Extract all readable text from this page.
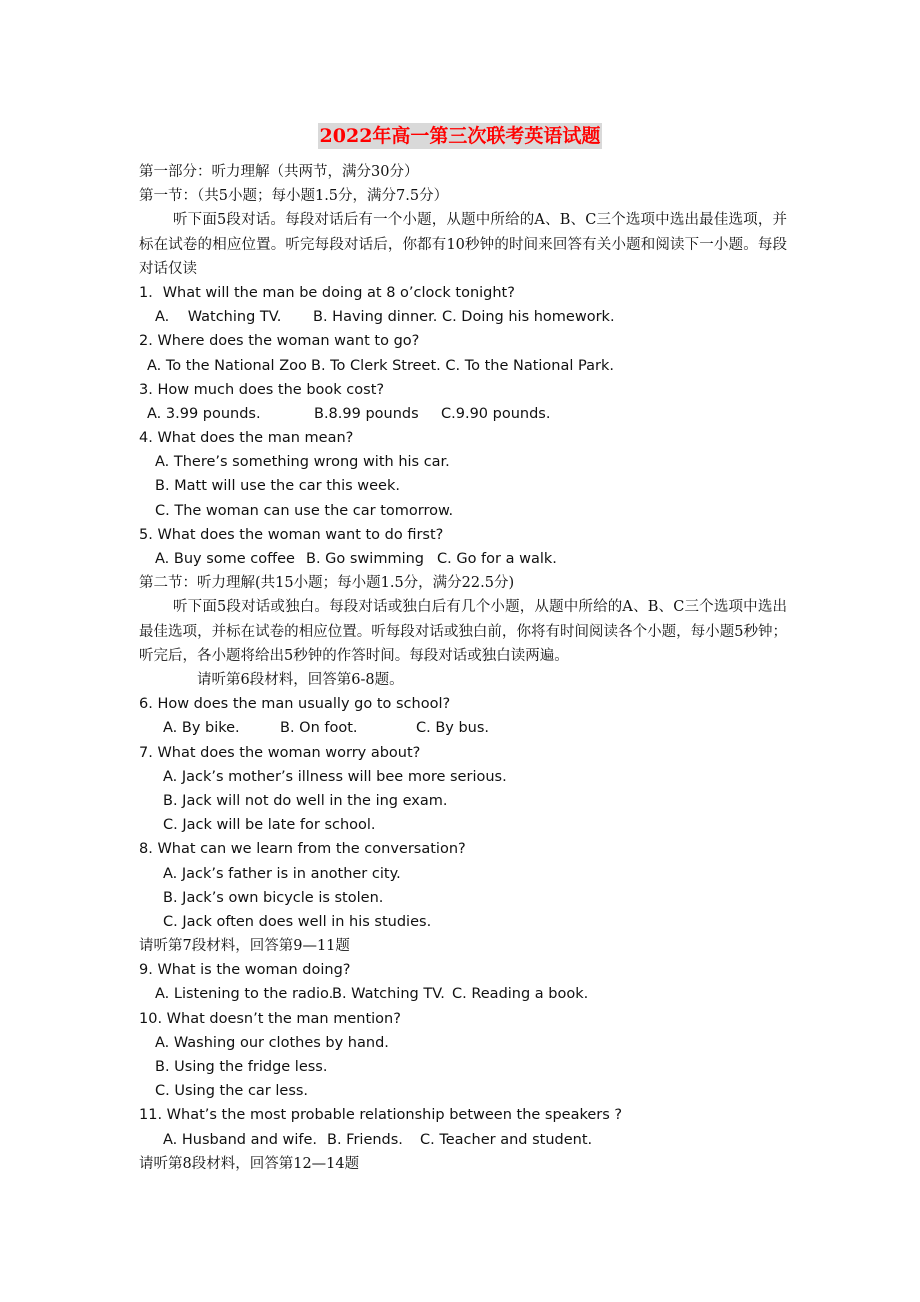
2022年高一第三次联考英语试题
第一部分：听力理解（共两节，满分30分）
第一节：（共5小题；每小题1.5分，满分7.5分）
听下面5段对话。每段对话后有一个小题，从题中所给的A、B、C三个选项中选出最佳选项，并标在试卷的相应位置。听完每段对话后，你都有10秒钟的时间来回答有关小题和阅读下一小题。每段对话仅读
1．What will the man be doing at 8 o’clock tonight?
A.    Watching TV. B. Having dinner. C. Doing his homework.
2. Where does the woman want to go?
A. To the National Zoo B. To Clerk Street. C. To the National Park.
3. How much does the book cost?
A. 3.99 pounds.	B.8.99 pounds C.9.90 pounds.
4. What does the man mean?
A. There’s something wrong with his car.
B. Matt will use the car this week.
C. The woman can use the car tomorrow.
5. What does the woman want to do first?
A. Buy some coffee B. Go swimming C. Go for a walk.
第二节：听力理解(共15小题；每小题1.5分，满分22.5分)
听下面5段对话或独白。每段对话或独白后有几个小题，从题中所给的A、B、C三个选项中选出最佳选项，并标在试卷的相应位置。听每段对话或独白前，你将有时间阅读各个小题，每小题5秒钟；听完后，各小题将给出5秒钟的作答时间。每段对话或独白读两遍。
请听第6段材料，回答第6-8题。
6. How does the man usually go to school?
A. By bike.	B. On foot.	C. By bus.
7. What does the woman worry about?
A. Jack’s mother’s illness will bee more serious.
B. Jack will not do well in the ing exam.
C. Jack will be late for school.
8. What can we learn from the conversation?
A. Jack’s father is in another city.
B. Jack’s own bicycle is stolen.
C. Jack often does well in his studies.
请听第7段材料，回答第9—11题
9. What is the woman doing?
A. Listening to the radio.B. Watching TV. C. Reading a book.
10. What doesn’t the man mention?
A. Washing our clothes by hand.
B. Using the fridge less.
C. Using the car less.
11. What’s the most probable relationship between the speakers ?
A. Husband and wife. B. Friends. C. Teacher and student.
请听第8段材料，回答第12—14题
